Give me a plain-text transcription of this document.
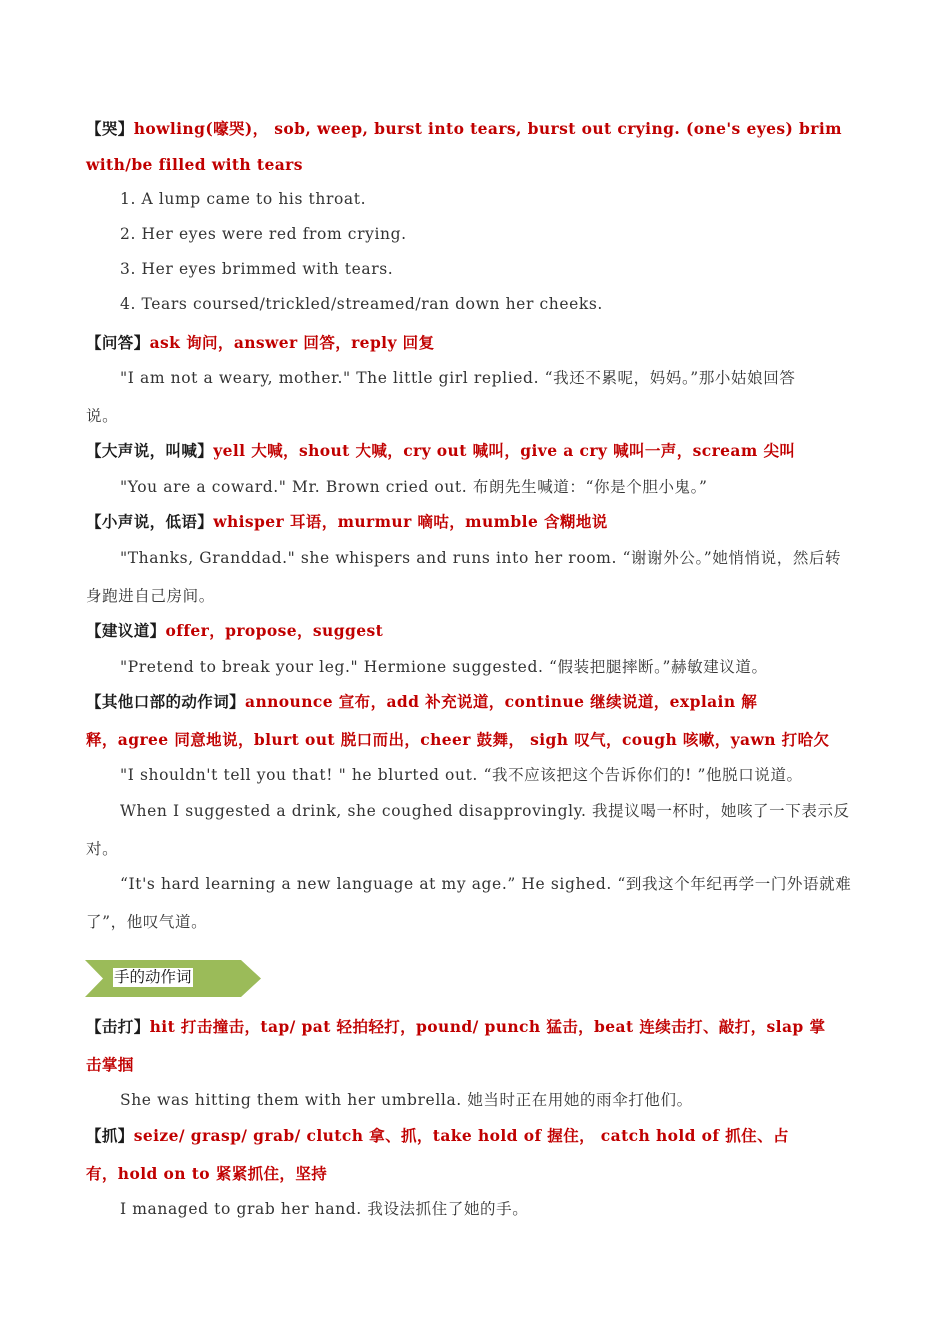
【哭】howling(嚎哭)， sob, weep, burst into tears, burst out crying. (one's eyes) brim
with/be filled with tears
1. A lump came to his throat.
2. Her eyes were red from crying.
3. Her eyes brimmed with tears.
4. Tears coursed/trickled/streamed/ran down her cheeks.
【问答】ask 询问，answer 回答，reply 回复
"I am not a weary, mother." The little girl replied. “我还不累呢，妈妈。”那小姑娘回答
说。
【大声说，叫喊】yell 大喊，shout 大喊，cry out 喊叫，give a cry 喊叫一声，scream 尖叫
"You are a coward." Mr. Brown cried out. 布朗先生喊道：“你是个胆小鬼。”
【小声说，低语】whisper 耳语，murmur 嘀咕，mumble 含糊地说
"Thanks, Granddad." she whispers and runs into her room. “谢谢外公。”她悄悄说，然后转
身跑进自己房间。
【建议道】offer，propose，suggest
"Pretend to break your leg." Hermione suggested. “假装把腿摔断。”赫敏建议道。
【其他口部的动作词】announce 宣布，add 补充说道，continue 继续说道，explain 解
释，agree 同意地说，blurt out 脱口而出，cheer 鼓舞， sigh 叹气，cough 咳嗽，yawn 打哈欠
"I shouldn't tell you that! " he blurted out. “我不应该把这个告诉你们的! ”他脱口说道。
When I suggested a drink, she coughed disapprovingly. 我提议喝一杯时，她咳了一下表示反
对。
“It's hard learning a new language at my age.” He sighed. “到我这个年纪再学一门外语就难
了”，他叹气道。
手的动作词
【击打】hit 打击撞击，tap/ pat 轻拍轻打，pound/ punch 猛击，beat 连续击打、敲打，slap 掌
击掌掴
She was hitting them with her umbrella. 她当时正在用她的雨伞打他们。
【抓】seize/ grasp/ grab/ clutch 拿、抓，take hold of 握住， catch hold of 抓住、占
有，hold on to 紧紧抓住，坚持
I managed to grab her hand. 我设法抓住了她的手。
